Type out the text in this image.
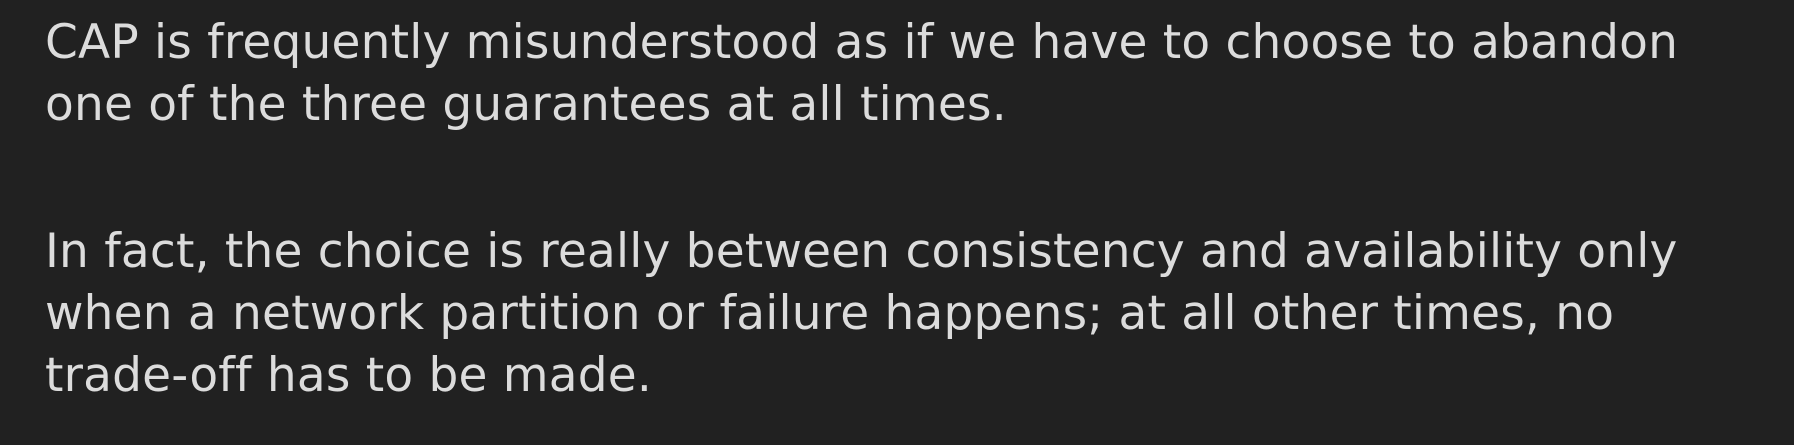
CAP is frequently misunderstood as if we have to choose to abandon
one of the three guarantees at all times.

In fact, the choice is really between consistency and availability only
when a network partition or failure happens; at all other times, no
trade-off has to be made.
